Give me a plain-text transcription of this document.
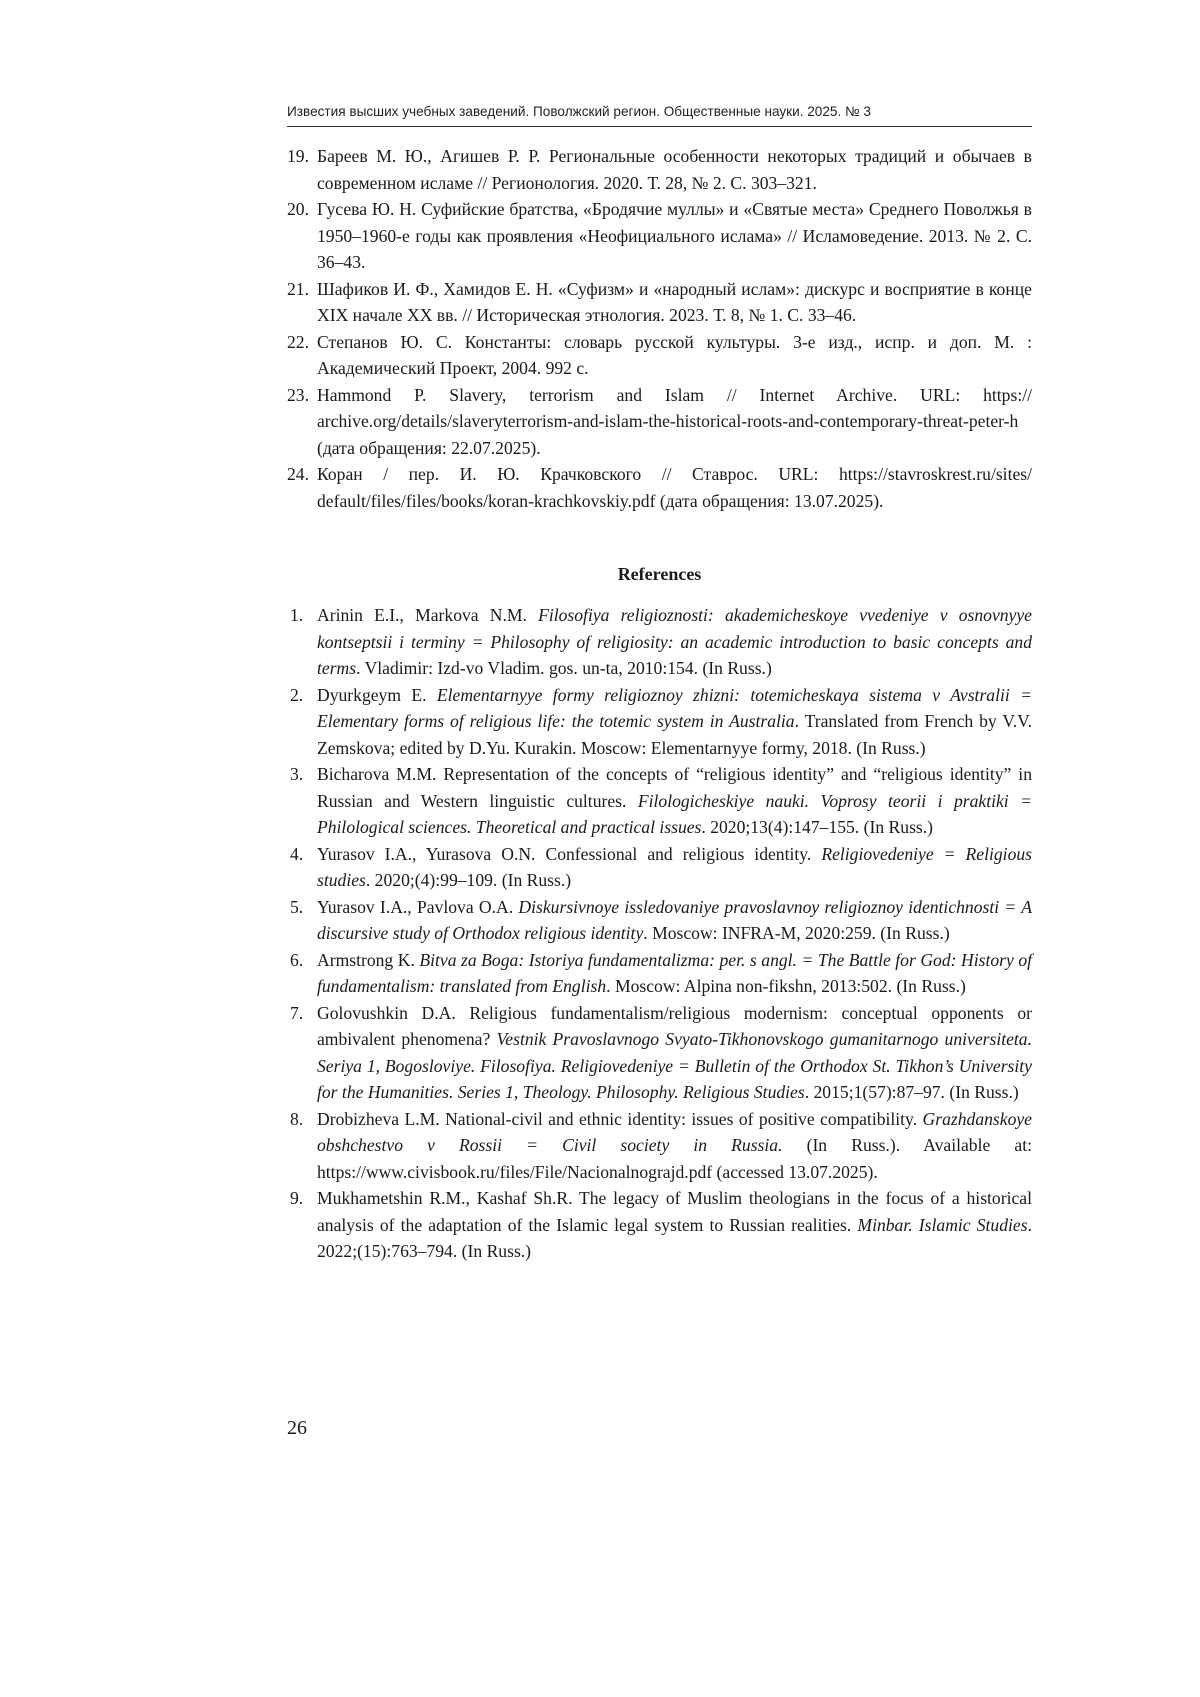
Известия высших учебных заведений. Поволжский регион. Общественные науки. 2025. № 3
19. Бареев М. Ю., Агишев Р. Р. Региональные особенности некоторых традиций и обычаев в современном исламе // Регионология. 2020. Т. 28, № 2. С. 303–321.
20. Гусева Ю. Н. Суфийские братства, «Бродячие муллы» и «Святые места» Среднего Поволжья в 1950–1960-е годы как проявления «Неофициального ислама» // Исламоведение. 2013. № 2. С. 36–43.
21. Шафиков И. Ф., Хамидов Е. Н. «Суфизм» и «народный ислам»: дискурс и восприятие в конце XIX начале XX вв. // Историческая этнология. 2023. Т. 8, № 1. С. 33–46.
22. Степанов Ю. С. Константы: словарь русской культуры. 3-е изд., испр. и доп. М. : Академический Проект, 2004. 992 с.
23. Hammond P. Slavery, terrorism and Islam // Internet Archive. URL: https:// archive.org/details/slaveryterrorism-and-islam-the-historical-roots-and-contemporary-threat-peter-h (дата обращения: 22.07.2025).
24. Коран / пер. И. Ю. Крачковского // Ставрос. URL: https://stavroskrest.ru/sites/ default/files/files/books/koran-krachkovskiy.pdf (дата обращения: 13.07.2025).
References
1. Arinin E.I., Markova N.M. Filosofiya religioznosti: akademicheskoye vvedeniye v osnovnyye kontseptsii i terminy = Philosophy of religiosity: an academic introduction to basic concepts and terms. Vladimir: Izd-vo Vladim. gos. un-ta, 2010:154. (In Russ.)
2. Dyurkgeym E. Elementarnyye formy religioznoy zhizni: totemicheskaya sistema v Avstralii = Elementary forms of religious life: the totemic system in Australia. Translated from French by V.V. Zemskova; edited by D.Yu. Kurakin. Moscow: Elementarnyye formy, 2018. (In Russ.)
3. Bicharova M.M. Representation of the concepts of “religious identity” and “religious identity” in Russian and Western linguistic cultures. Filologicheskiye nauki. Voprosy teorii i praktiki = Philological sciences. Theoretical and practical issues. 2020;13(4):147–155. (In Russ.)
4. Yurasov I.A., Yurasova O.N. Confessional and religious identity. Religiovedeniye = Religious studies. 2020;(4):99–109. (In Russ.)
5. Yurasov I.A., Pavlova O.A. Diskursivnoye issledovaniye pravoslavnoy religioznoy identichnosti = A discursive study of Orthodox religious identity. Moscow: INFRA-M, 2020:259. (In Russ.)
6. Armstrong K. Bitva za Boga: Istoriya fundamentalizma: per. s angl. = The Battle for God: History of fundamentalism: translated from English. Moscow: Alpina non-fikshn, 2013:502. (In Russ.)
7. Golovushkin D.A. Religious fundamentalism/religious modernism: conceptual opponents or ambivalent phenomena? Vestnik Pravoslavnogo Svyato-Tikhonovskogo gumanitarnogo universiteta. Seriya 1, Bogosloviye. Filosofiya. Religiovedeniye = Bulletin of the Orthodox St. Tikhon’s University for the Humanities. Series 1, Theology. Philosophy. Religious Studies. 2015;1(57):87–97. (In Russ.)
8. Drobizheva L.M. National-civil and ethnic identity: issues of positive compatibility. Grazhdanskoye obshchestvo v Rossii = Civil society in Russia. (In Russ.). Available at: https://www.civisbook.ru/files/File/Nacionalnograjd.pdf (accessed 13.07.2025).
9. Mukhametshin R.M., Kashaf Sh.R. The legacy of Muslim theologians in the focus of a historical analysis of the adaptation of the Islamic legal system to Russian realities. Minbar. Islamic Studies. 2022;(15):763–794. (In Russ.)
26
